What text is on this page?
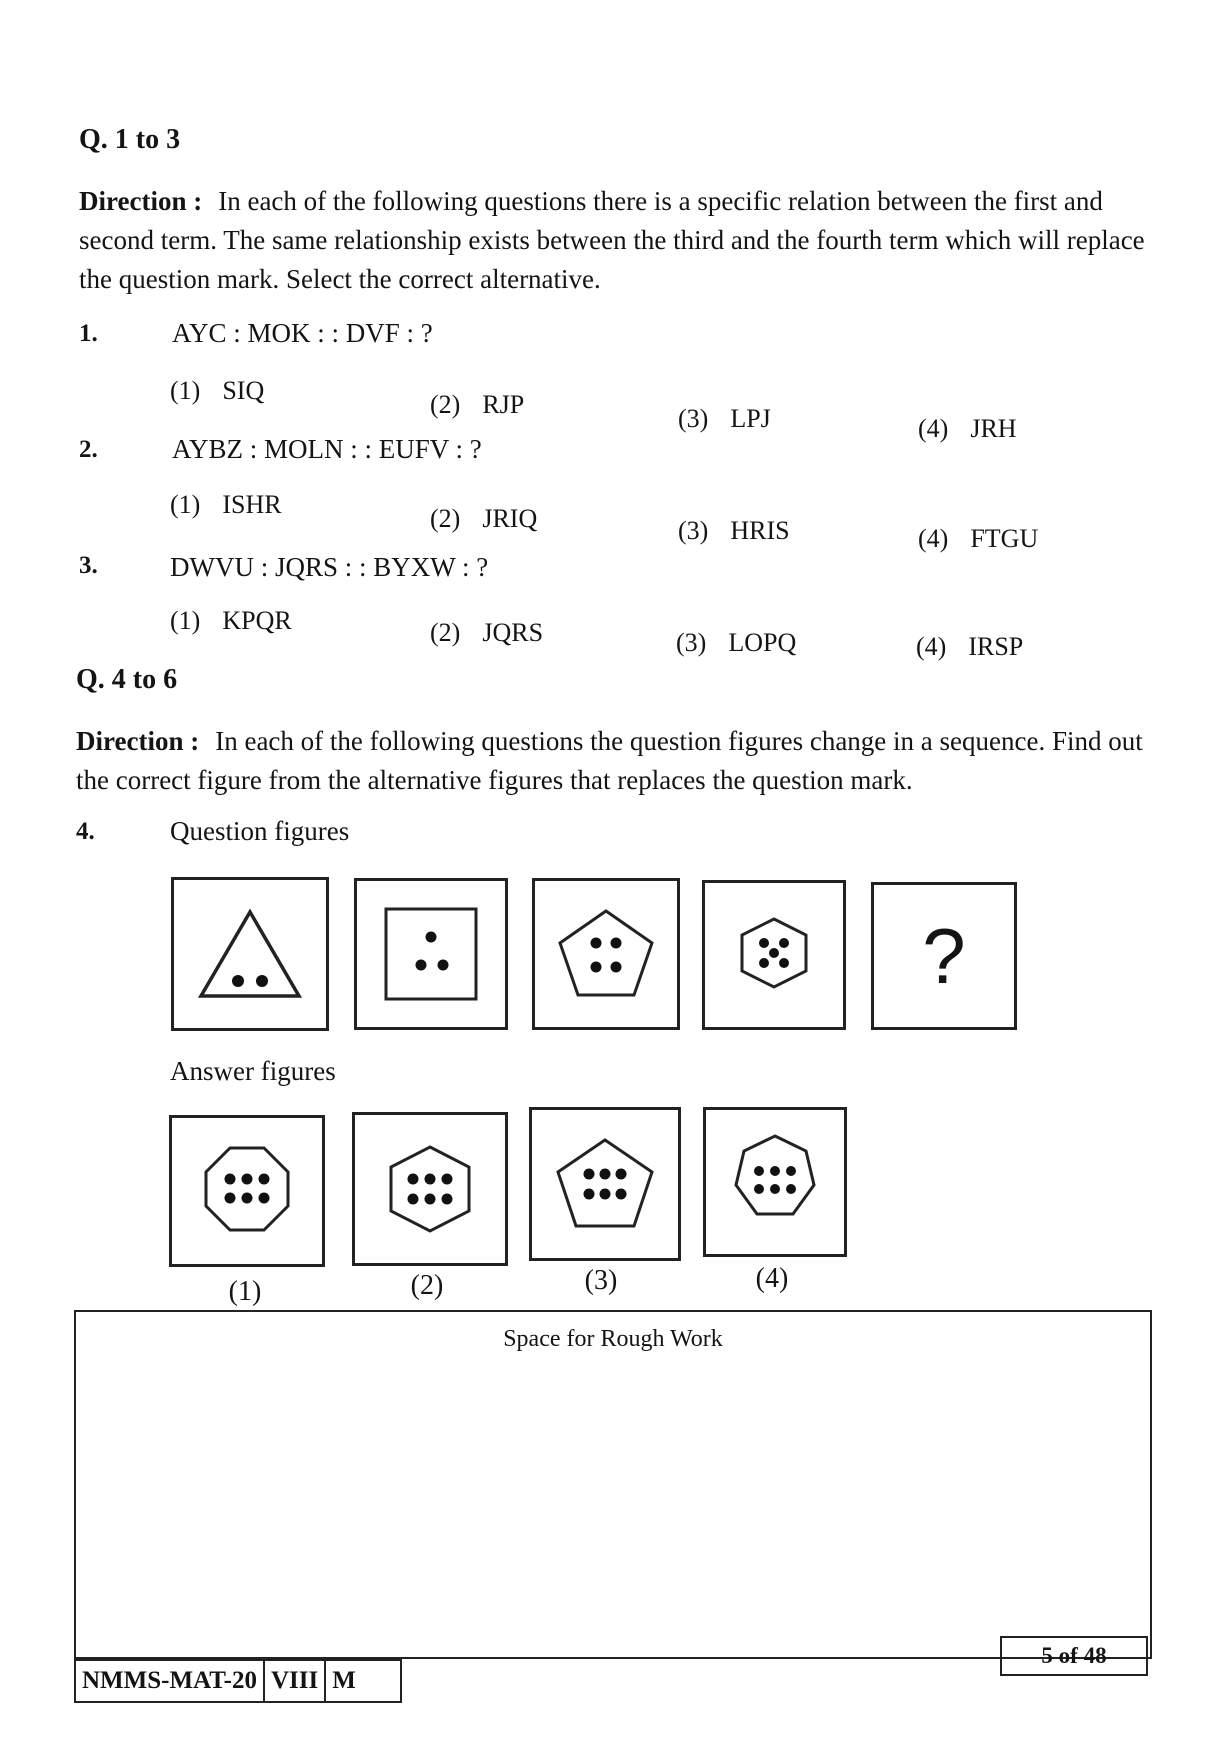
Q. 1 to 3
Direction : In each of the following questions there is a specific relation between the first and second term. The same relationship exists between the third and the fourth term which will replace the question mark. Select the correct alternative.
1.	AYC : MOK : : DVF : ?
(1) SIQ	(2) RJP	(3) LPJ	(4) JRH
2.	AYBZ : MOLN : : EUFV : ?
(1) ISHR	(2) JRIQ	(3) HRIS	(4) FTGU
3.	DWVU : JQRS : : BYXW : ?
(1) KPQR	(2) JQRS	(3) LOPQ	(4) IRSP
Q. 4 to 6
Direction : In each of the following questions the question figures change in a sequence. Find out the correct figure from the alternative figures that replaces the question mark.
4.	Question figures
?
Answer figures
(1)	(2)	(3)	(4)
Space for Rough Work
5 of 48
NMMS-MAT-20 VIII M
